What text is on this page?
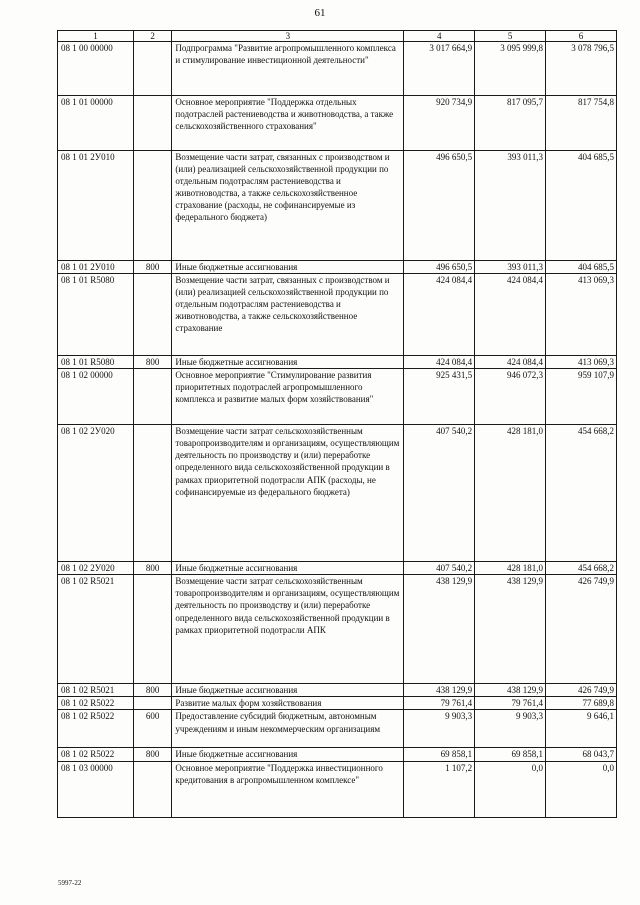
61
1	2	3	4	5	6
08 1 00 00000		Подпрограмма "Развитие агропромышленного комплекса и стимулирование инвестиционной деятельности"	3 017 664,9	3 095 999,8	3 078 796,5
08 1 01 00000		Основное мероприятие "Поддержка отдельных подотраслей растениеводства и животноводства, а также сельскохозяйственного страхования"	920 734,9	817 095,7	817 754,8
08 1 01 2У010		Возмещение части затрат, связанных с производством и (или) реализацией сельскохозяйственной продукции по отдельным подотраслям растениеводства и животноводства, а также сельскохозяйственное страхование (расходы, не софинансируемые из федерального бюджета)	496 650,5	393 011,3	404 685,5
08 1 01 2У010	800	Иные бюджетные ассигнования	496 650,5	393 011,3	404 685,5
08 1 01 R5080		Возмещение части затрат, связанных с производством и (или) реализацией сельскохозяйственной продукции по отдельным подотраслям растениеводства и животноводства, а также сельскохозяйственное страхование	424 084,4	424 084,4	413 069,3
08 1 01 R5080	800	Иные бюджетные ассигнования	424 084,4	424 084,4	413 069,3
08 1 02 00000		Основное мероприятие "Стимулирование развития приоритетных подотраслей агропромышленного комплекса и развитие малых форм хозяйствования"	925 431,5	946 072,3	959 107,9
08 1 02 2У020		Возмещение части затрат сельскохозяйственным товаропроизводителям и организациям, осуществляющим деятельность по производству и (или) переработке определенного вида сельскохозяйственной продукции в рамках приоритетной подотрасли АПК (расходы, не софинансируемые из федерального бюджета)	407 540,2	428 181,0	454 668,2
08 1 02 2У020	800	Иные бюджетные ассигнования	407 540,2	428 181,0	454 668,2
08 1 02 R5021		Возмещение части затрат сельскохозяйственным товаропроизводителям и организациям, осуществляющим деятельность по производству и (или) переработке определенного вида сельскохозяйственной продукции в рамках приоритетной подотрасли АПК	438 129,9	438 129,9	426 749,9
08 1 02 R5021	800	Иные бюджетные ассигнования	438 129,9	438 129,9	426 749,9
08 1 02 R5022		Развитие малых форм хозяйствования	79 761,4	79 761,4	77 689,8
08 1 02 R5022	600	Предоставление субсидий бюджетным, автономным учреждениям и иным некоммерческим организациям	9 903,3	9 903,3	9 646,1
08 1 02 R5022	800	Иные бюджетные ассигнования	69 858,1	69 858,1	68 043,7
08 1 03 00000		Основное мероприятие "Поддержка инвестиционного кредитования в агропромышленном комплексе"	1 107,2	0,0	0,0
5997-22
